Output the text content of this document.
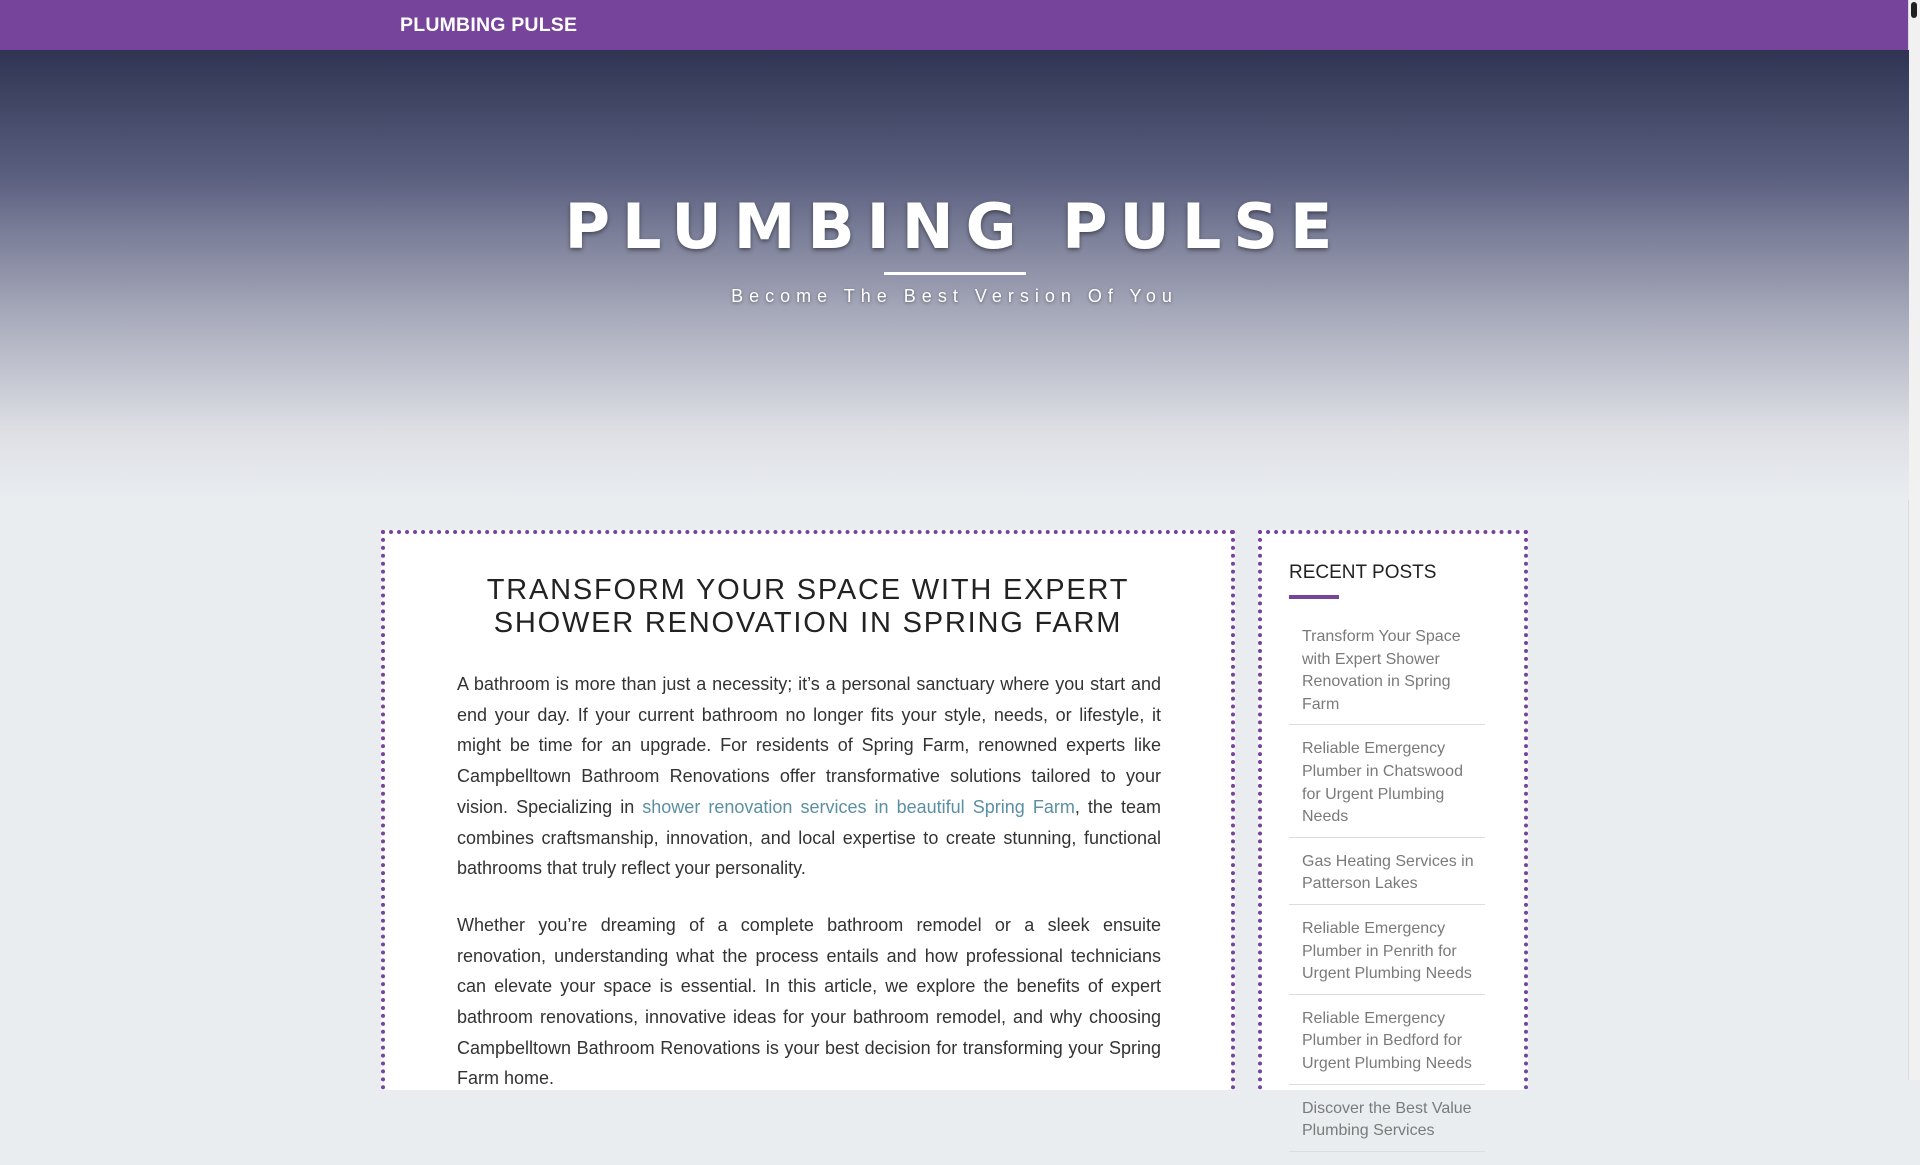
PLUMBING PULSE
PLUMBING PULSE
Become The Best Version Of You
TRANSFORM YOUR SPACE WITH EXPERT SHOWER RENOVATION IN SPRING FARM

A bathroom is more than just a necessity; it’s a personal sanctuary where you start and end your day. If your current bathroom no longer fits your style, needs, or lifestyle, it might be time for an upgrade. For residents of Spring Farm, renowned experts like Campbelltown Bathroom Renovations offer transformative solutions tailored to your vision. Specializing in shower renovation services in beautiful Spring Farm, the team combines craftsmanship, innovation, and local expertise to create stunning, functional bathrooms that truly reflect your personality.

Whether you’re dreaming of a complete bathroom remodel or a sleek ensuite renovation, understanding what the process entails and how professional technicians can elevate your space is essential. In this article, we explore the benefits of expert bathroom renovations, innovative ideas for your bathroom remodel, and why choosing Campbelltown Bathroom Renovations is your best decision for transforming your Spring Farm home.

RECENT POSTS
Transform Your Space with Expert Shower Renovation in Spring Farm
Reliable Emergency Plumber in Chatswood for Urgent Plumbing Needs
Gas Heating Services in Patterson Lakes
Reliable Emergency Plumber in Penrith for Urgent Plumbing Needs
Reliable Emergency Plumber in Bedford for Urgent Plumbing Needs
Discover the Best Value Plumbing Services
